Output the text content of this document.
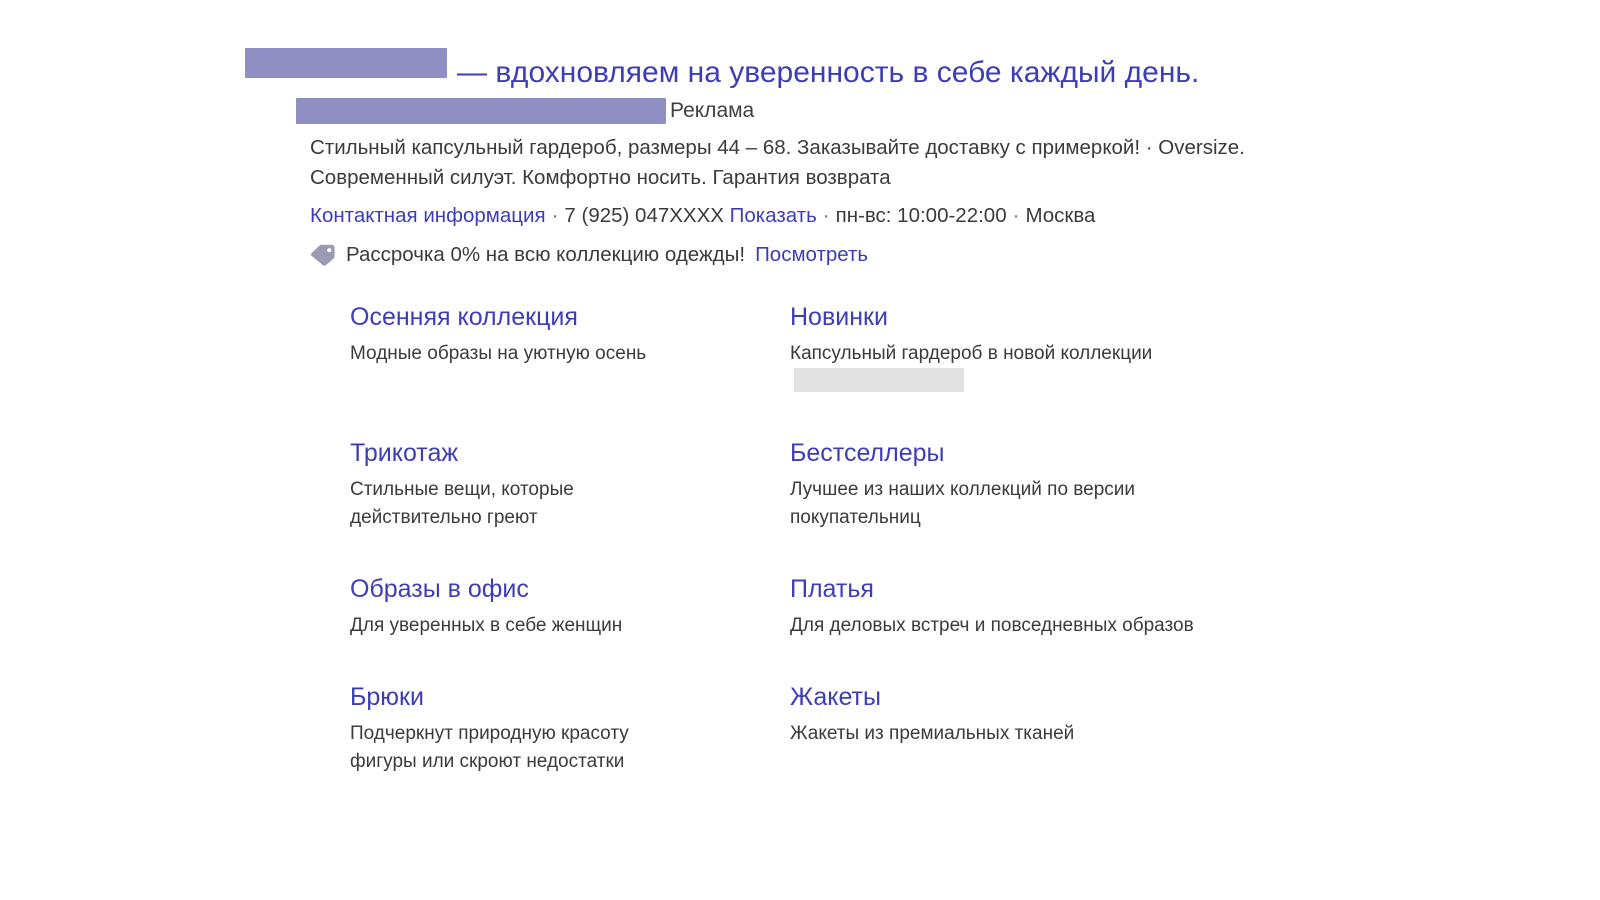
— вдохновляем на уверенность в себе каждый день.
Реклама
Стильный капсульный гардероб, размеры 44 – 68. Заказывайте доставку с примеркой! · Oversize. Современный силуэт. Комфортно носить. Гарантия возврата
Контактная информация · 7 (925) 047ХХХХ Показать · пн-вс: 10:00-22:00 · Москва
Рассрочка 0% на всю коллекцию одежды! Посмотреть
Осенняя коллекция
Модные образы на уютную осень
Новинки
Капсульный гардероб в новой коллекции
Трикотаж
Стильные вещи, которые действительно греют
Бестселлеры
Лучшее из наших коллекций по версии покупательниц
Образы в офис
Для уверенных в себе женщин
Платья
Для деловых встреч и повседневных образов
Брюки
Подчеркнут природную красоту фигуры или скроют недостатки
Жакеты
Жакеты из премиальных тканей
